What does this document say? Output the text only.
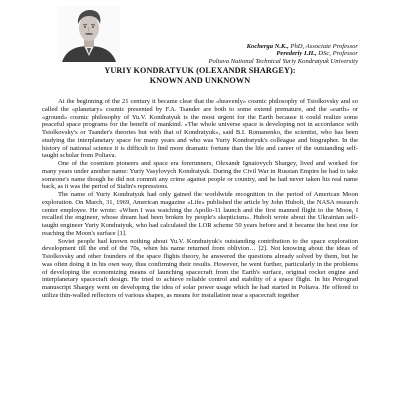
Kocherga N.K., PhD, Associate Professor
Perederiy I.H., DSc, Professor
Poltava National Technical Yuriy Kondratyuk University
YURIY KONDRATYUK (OLEXANDR SHARGEY):
KNOWN AND UNKNOWN

At the beginning of the 21 century it became clear that the «heavenly» cosmic philosophy of Tsiolkovsky and so called the «planetary» cosmic presented by F.A. Tsander are both to some extend premature, and the «earth» or «ground» cosmic philosophy of Yu.V. Kondratyuk is the most urgent for the Earth because it could realize some peaceful space programs for the benefit of mankind. «The whole universe space is developing not in accordance with Tsiolkovsky's or Tsander's theories but with that of Kondratyuk», said B.I. Romanenko, the scientist, who has been studying the interplanetary space for many years and who was Yuriy Kondratyuk's colleague and biographer. In the history of national science it is difficult to find more dramatic fortune than the life and career of the outstanding self-taught scholar from Poltava.

One of the cosmism pioneers and space era forerunners, Olexandr Ignatovych Shargey, lived and worked for many years under another name: Yuriy Vasylovych Kondratyuk. During the Civil War in Russian Empire he had to take someone's name though he did not commit any crime against people or country, and he had never taken his real name back, as it was the period of Stalin's repressions.

The name of Yuriy Kondratyuk had only gained the worldwide recognition in the period of American Moon exploration. On March, 31, 1969, American magazine «Life» published the article by John Hubolt, the NASA research center employee. He wrote: «When I was watching the Apollo-11 launch and the first manned flight to the Moon, I recalled the engineer, whose dream had been broken by people's skepticism». Hubolt wrote about the Ukrainian self-taught engineer Yuriy Kondratyuk, who had calculated the LOR scheme 50 years before and it became the best one for reaching the Moon's surface [1].

Soviet people had known nothing about Yu.V. Kondratyuk's outstanding contribution to the space exploration development till the end of the 70s, when his name returned from oblivion… [2]. Not knowing about the ideas of Tsiolkovsky and other founders of the space flights theory, he answered the questions already solved by them, but he was often doing it in his own way, thus confirming their results. However, he went further, particularly in the problems of developing the economizing means of launching spacecraft from the Earth's surface, original rocket engine and interplanetary spacecraft design. He tried to achieve reliable control and stability of a space flight. In his Petrograd manuscript Shargey went on developing the idea of solar power usage which he had started in Poltava. He offered to utilize thin-walled reflectors of various shapes, as means for installation near a spacecraft together
